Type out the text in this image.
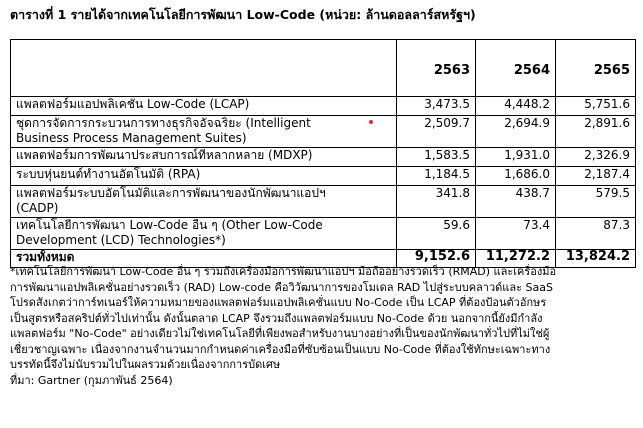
ตารางที่ 1 รายได้จากเทคโนโลยีการพัฒนา Low-Code (หน่วย: ล้านดอลลาร์สหรัฐฯ)
	2563	2564	2565
แพลตฟอร์มแอปพลิเคชั่น Low-Code (LCAP)	3,473.5	4,448.2	5,751.6

ชุดการจัดการกระบวนการทางธุรกิจอัจฉริยะ (Intelligent
Business Process Management Suites)	2,509.7	2,694.9	2,891.6
แพลตฟอร์มการพัฒนาประสบการณ์ที่หลากหลาย (MDXP)	1,583.5	1,931.0	2,326.9
ระบบหุ่นยนต์ทำงานอัตโนมัติ (RPA)	1,184.5	1,686.0	2,187.4

แพลตฟอร์มระบบอัตโนมัติและการพัฒนาของนักพัฒนาแอปฯ
(CADP)	341.8	438.7	579.5

เทคโนโลยีการพัฒนา Low-Code อื่น ๆ (Other Low-Code
Development (LCD) Technologies*)	59.6	73.4	87.3
รวมทั้งหมด	9,152.6	11,272.2	13,824.2
*เทคโนโลยีการพัฒนา Low-Code อื่น ๆ รวมถึงเครื่องมือการพัฒนาแอปฯ มือถืออย่างรวดเร็ว (RMAD) และเครื่องมือ
การพัฒนาแอปพลิเคชั่นอย่างรวดเร็ว (RAD) Low-code คือวิวัฒนาการของโมเดล RAD ไปสู่ระบบคลาวด์และ SaaS
โปรดสังเกตว่าการ์ทเนอร์ให้ความหมายของแพลตฟอร์มแอปพลิเคชั่นแบบ No-Code เป็น LCAP ที่ต้องป้อนตัวอักษร
เป็นสูตรหรือสคริปต์ทั่วไปเท่านั้น ดังนั้นตลาด LCAP จึงรวมถึงแพลตฟอร์มแบบ No-Code ด้วย นอกจากนี้ยังมีกำลัง
แพลตฟอร์ม "No-Code" อย่างเดียวไม่ใช่เทคโนโลยีที่เพียงพอสำหรับงานบางอย่างที่เป็นของนักพัฒนาทั่วไปที่ไม่ใช่ผู้
เชี่ยวชาญเฉพาะ เนื่องจากงานจำนวนมากกำหนดค่าเครื่องมือที่ซับซ้อนเป็นแบบ No-Code ที่ต้องใช้ทักษะเฉพาะทาง
บรรทัดนี้จึงไม่นับรวมไปในผลรวมด้วยเนื่องจากการบัดเศษ
ที่มา: Gartner (กุมภาพันธ์ 2564)
